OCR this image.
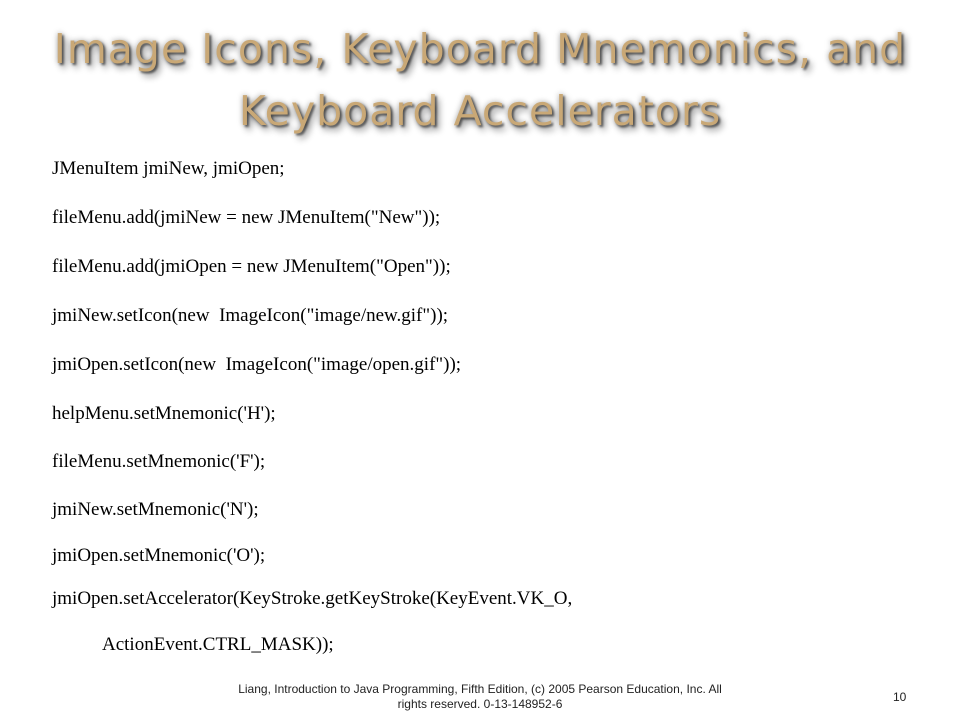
Image Icons, Keyboard Mnemonics, and
Keyboard Accelerators
JMenuItem jmiNew, jmiOpen;
fileMenu.add(jmiNew = new JMenuItem("New"));
fileMenu.add(jmiOpen = new JMenuItem("Open"));
jmiNew.setIcon(new  ImageIcon("image/new.gif"));
jmiOpen.setIcon(new  ImageIcon("image/open.gif"));
helpMenu.setMnemonic('H');
fileMenu.setMnemonic('F');
jmiNew.setMnemonic('N');
jmiOpen.setMnemonic('O');
jmiOpen.setAccelerator(KeyStroke.getKeyStroke(KeyEvent.VK_O,
ActionEvent.CTRL_MASK));
Liang, Introduction to Java Programming, Fifth Edition, (c) 2005 Pearson Education, Inc. All
rights reserved. 0-13-148952-6	10
